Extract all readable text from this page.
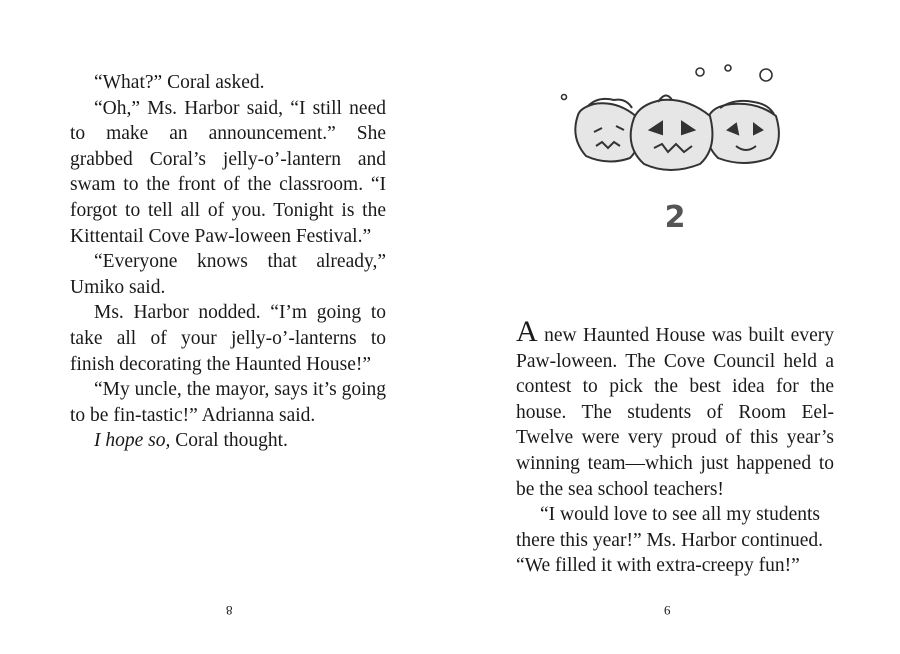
“What?” Coral asked.

“Oh,” Ms. Harbor said, “I still need to make an announcement.” She grabbed Coral’s jelly-o’-lantern and swam to the front of the classroom. “I forgot to tell all of you. Tonight is the Kittentail Cove Paw-loween Festival.”

“Everyone knows that already,” Umiko said.

Ms. Harbor nodded. “I’m going to take all of your jelly-o’-lanterns to finish decorating the Haunted House!”

“My uncle, the mayor, says it’s going to be fin-tastic!” Adrianna said.

I hope so, Coral thought.

8
2

A new Haunted House was built every Paw-loween. The Cove Council held a contest to pick the best idea for the house. The students of Room Eel-Twelve were very proud of this year’s winning team—which just happened to be the sea school teachers!

“I would love to see all my students there this year!” Ms. Harbor continued. “We filled it with extra-creepy fun!”

9
